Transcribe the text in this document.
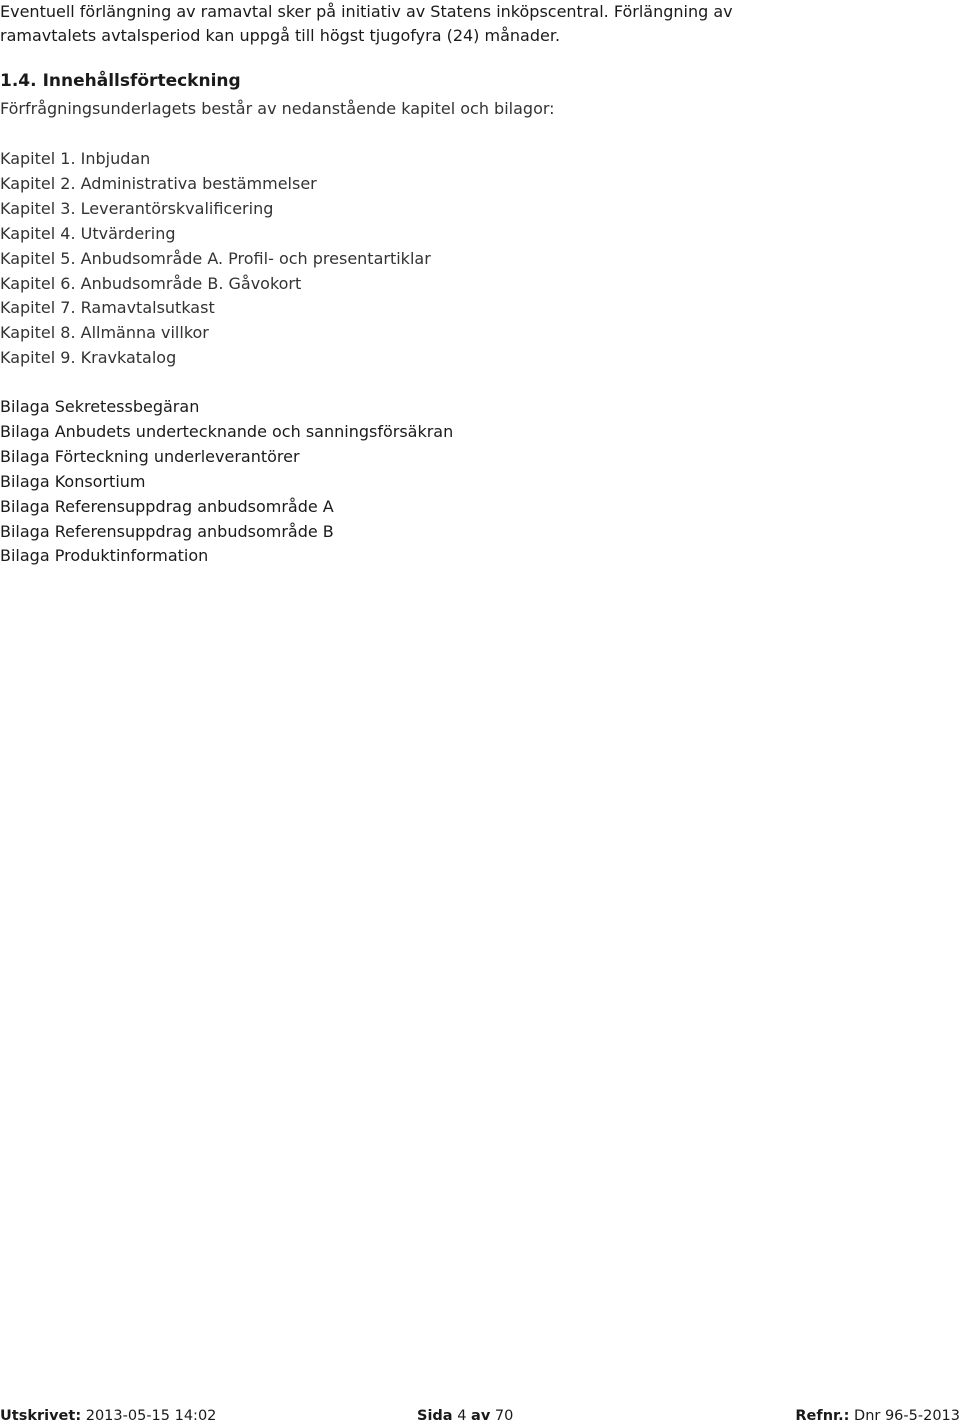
Eventuell förlängning av ramavtal sker på initiativ av Statens inköpscentral. Förlängning av

ramavtalets avtalsperiod kan uppgå till högst tjugofyra (24) månader.

1.4. Innehållsförteckning

Förfrågningsunderlagets består av nedanstående kapitel och bilagor:

Kapitel 1. Inbjudan
Kapitel 2. Administrativa bestämmelser
Kapitel 3. Leverantörskvalificering
Kapitel 4. Utvärdering
Kapitel 5. Anbudsområde A. Profil- och presentartiklar
Kapitel 6. Anbudsområde B. Gåvokort
Kapitel 7. Ramavtalsutkast
Kapitel 8. Allmänna villkor
Kapitel 9. Kravkatalog
Bilaga Sekretessbegäran
Bilaga Anbudets undertecknande och sanningsförsäkran
Bilaga Förteckning underleverantörer
Bilaga Konsortium
Bilaga Referensuppdrag anbudsområde A
Bilaga Referensuppdrag anbudsområde B
Bilaga Produktinformation
Utskrivet: 2013-05-15 14:02	Sida 4 av 70	Refnr.: Dnr 96-5-2013
